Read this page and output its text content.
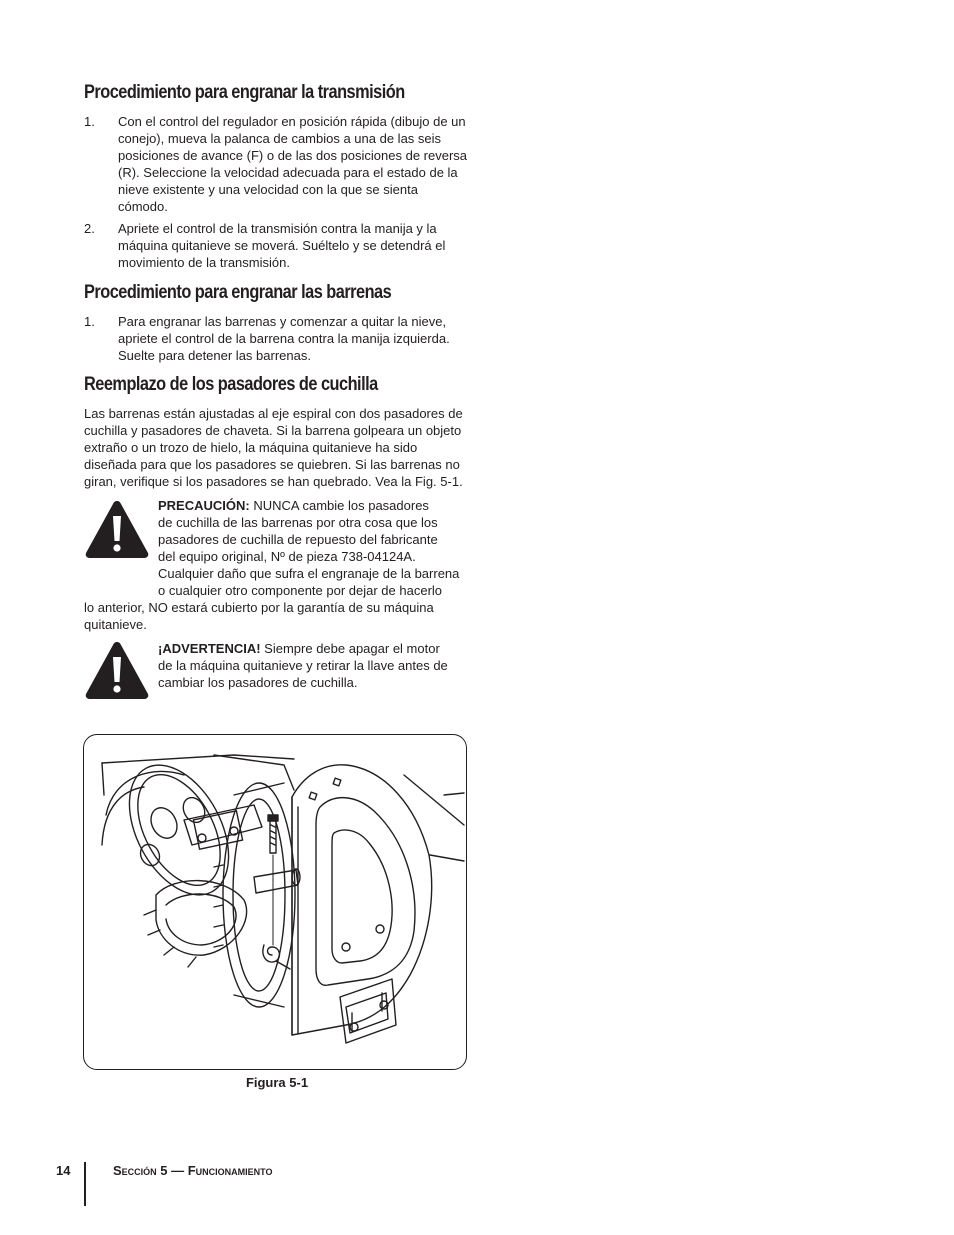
Procedimiento para engranar la transmisión
1. Con el control del regulador en posición rápida (dibujo de un conejo), mueva la palanca de cambios a una de las seis posiciones de avance (F) o de las dos posiciones de reversa (R). Seleccione la velocidad adecuada para el estado de la nieve existente y una velocidad con la que se sienta cómodo.
2. Apriete el control de la transmisión contra la manija y la máquina quitanieve se moverá. Suéltelo y se detendrá el movimiento de la transmisión.
Procedimiento para engranar las barrenas
1. Para engranar las barrenas y comenzar a quitar la nieve, apriete el control de la barrena contra la manija izquierda. Suelte para detener las barrenas.
Reemplazo de los pasadores de cuchilla
Las barrenas están ajustadas al eje espiral con dos pasadores de cuchilla y pasadores de chaveta. Si la barrena golpeara un objeto extraño o un trozo de hielo, la máquina quitanieve ha sido diseñada para que los pasadores se quiebren. Si las barrenas no giran, verifique si los pasadores se han quebrado. Vea la Fig. 5-1.
PRECAUCIÓN: NUNCA cambie los pasadores
de cuchilla de las barrenas por otra cosa que los
pasadores de cuchilla de repuesto del fabricante
del equipo original, Nº de pieza 738-04124A.
Cualquier daño que sufra el engranaje de la barrena
o cualquier otro componente por dejar de hacerlo
lo anterior, NO estará cubierto por la garantía de su máquina
quitanieve.
¡ADVERTENCIA! Siempre debe apagar el motor
de la máquina quitanieve y retirar la llave antes de
cambiar los pasadores de cuchilla.
Figura 5-1
14	Sección 5 — Funcionamiento
